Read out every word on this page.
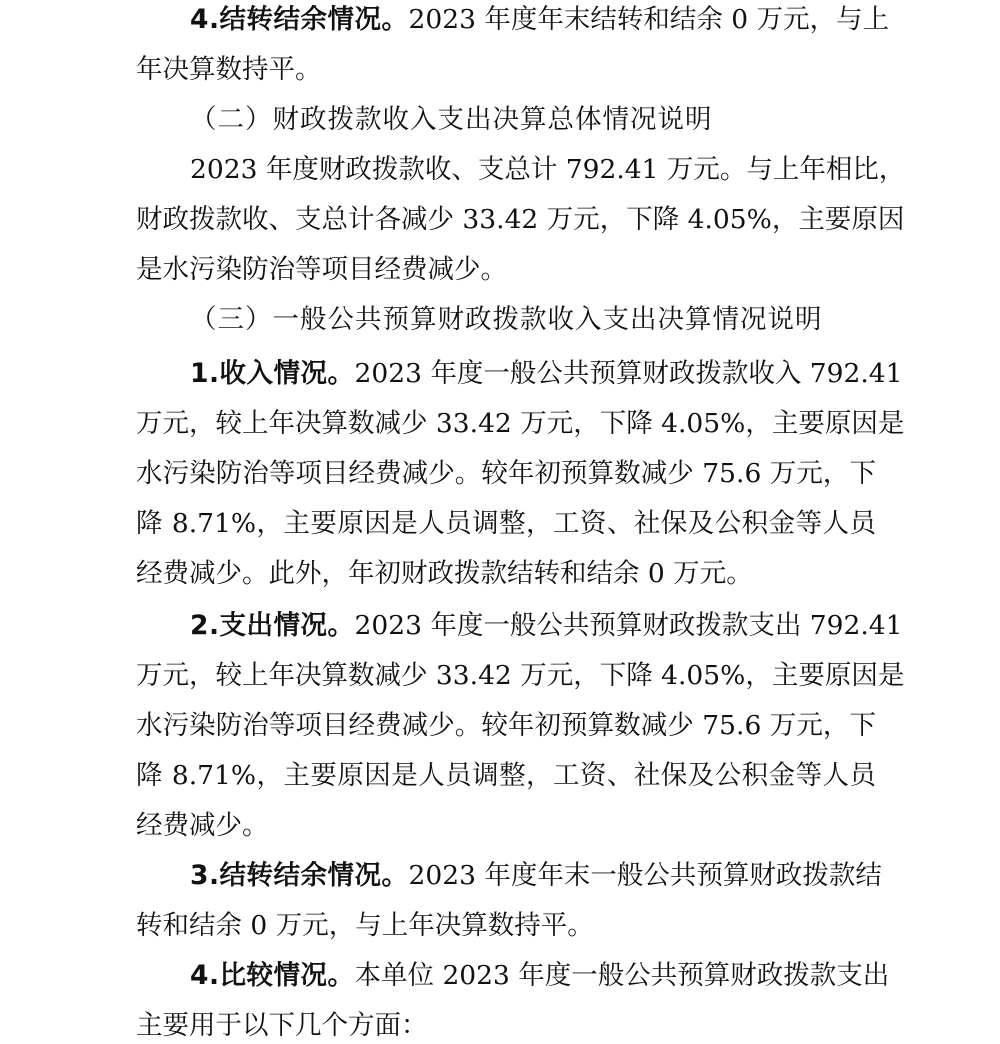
4.结转结余情况。2023 年度年末结转和结余 0 万元，与上
年决算数持平。
（二）财政拨款收入支出决算总体情况说明
2023 年度财政拨款收、支总计 792.41 万元。与上年相比，
财政拨款收、支总计各减少 33.42 万元，下降 4.05%，主要原因
是水污染防治等项目经费减少。
（三）一般公共预算财政拨款收入支出决算情况说明
1.收入情况。2023 年度一般公共预算财政拨款收入 792.41
万元，较上年决算数减少 33.42 万元，下降 4.05%，主要原因是
水污染防治等项目经费减少。较年初预算数减少 75.6 万元，下
降 8.71%，主要原因是人员调整，工资、社保及公积金等人员
经费减少。此外，年初财政拨款结转和结余 0 万元。
2.支出情况。2023 年度一般公共预算财政拨款支出 792.41
万元，较上年决算数减少 33.42 万元，下降 4.05%，主要原因是
水污染防治等项目经费减少。较年初预算数减少 75.6 万元，下
降 8.71%，主要原因是人员调整，工资、社保及公积金等人员
经费减少。
3.结转结余情况。2023 年度年末一般公共预算财政拨款结
转和结余 0 万元，与上年决算数持平。
4.比较情况。本单位 2023 年度一般公共预算财政拨款支出
主要用于以下几个方面：
